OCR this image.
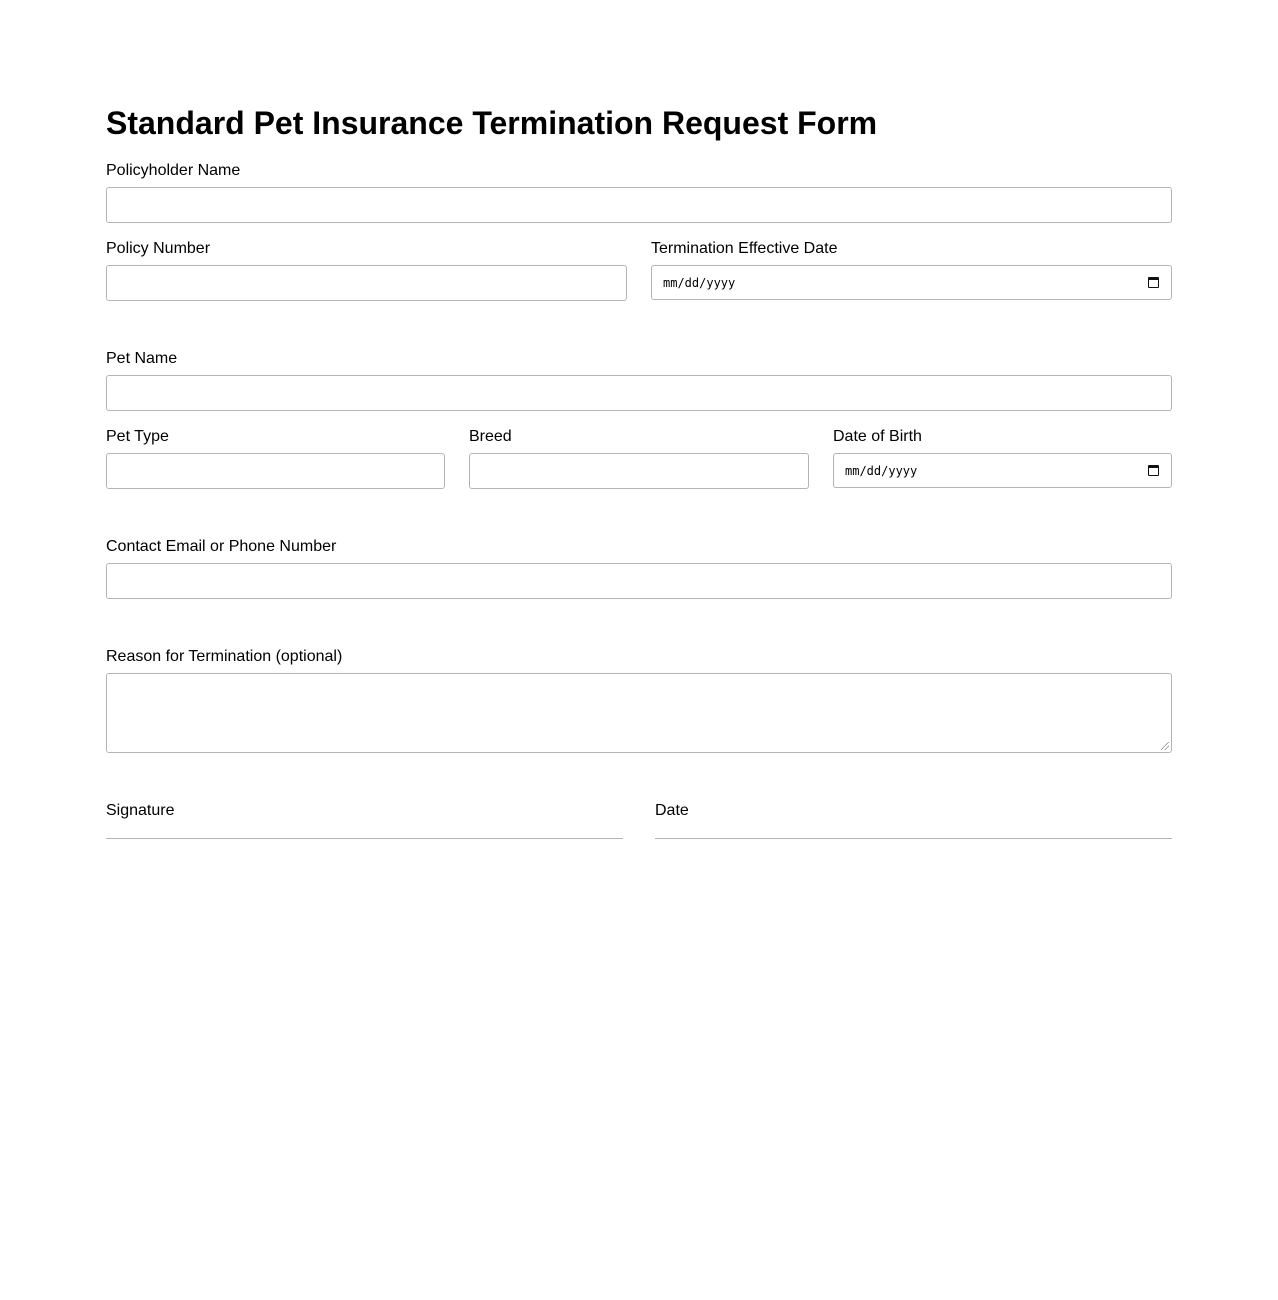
Standard Pet Insurance Termination Request Form
Policyholder Name
Policy Number	Termination Effective Date
mm/dd/yyyy
Pet Name
Pet Type	Breed	Date of Birth
mm/dd/yyyy
Contact Email or Phone Number
Reason for Termination (optional)
Signature	Date
